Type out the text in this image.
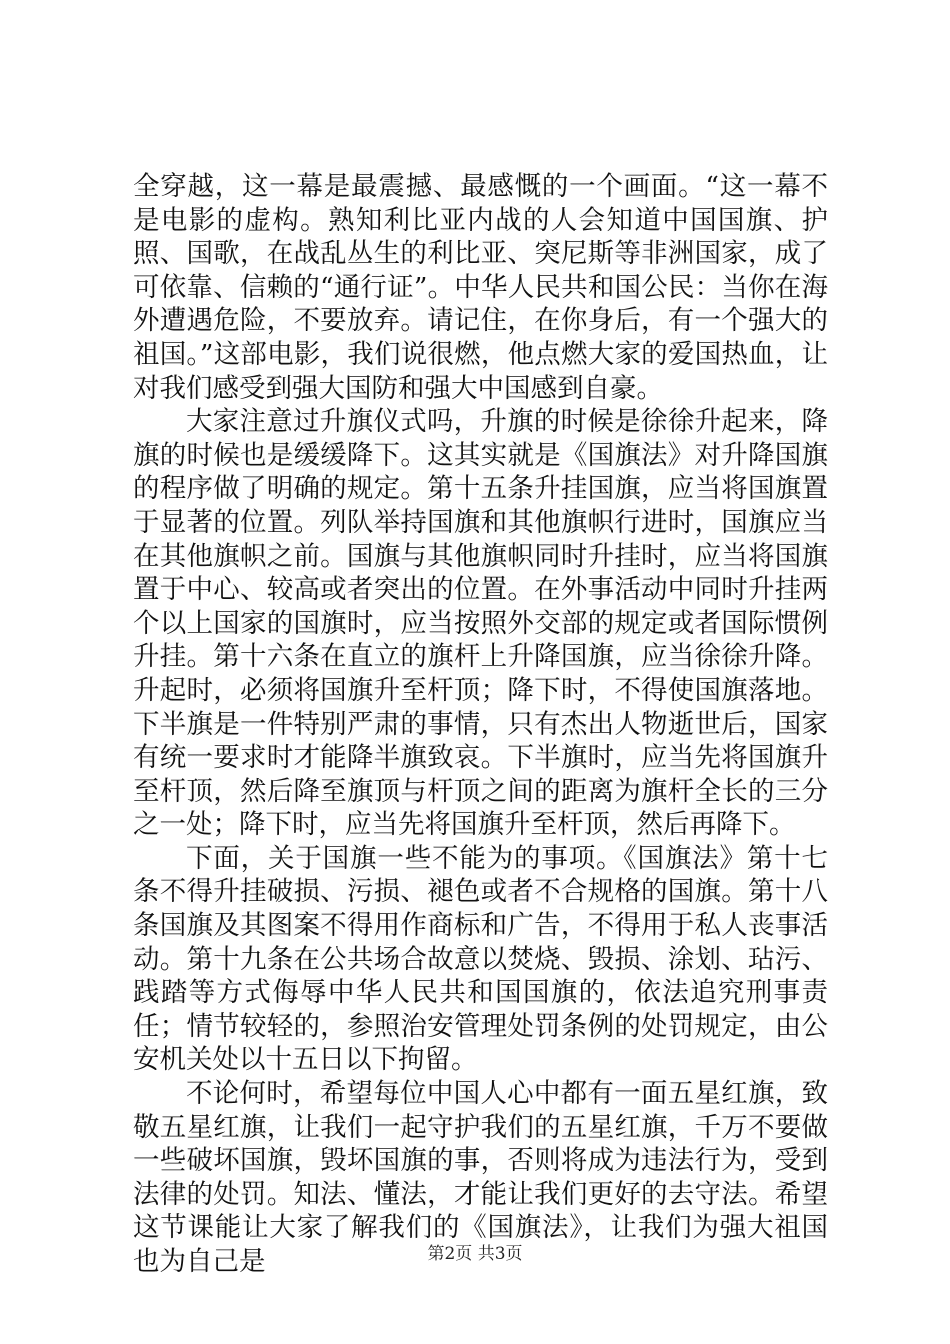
全穿越，这一幕是最震撼、最感慨的一个画面。“这一幕不是电影的虚构。熟知利比亚内战的人会知道中国国旗、护照、国歌，在战乱丛生的利比亚、突尼斯等非洲国家，成了可依靠、信赖的“通行证”。中华人民共和国公民：当你在海外遭遇危险，不要放弃。请记住，在你身后，有一个强大的祖国。”这部电影，我们说很燃，他点燃大家的爱国热血，让对我们感受到强大国防和强大中国感到自豪。

大家注意过升旗仪式吗，升旗的时候是徐徐升起来，降旗的时候也是缓缓降下。这其实就是《国旗法》对升降国旗的程序做了明确的规定。第十五条升挂国旗，应当将国旗置于显著的位置。列队举持国旗和其他旗帜行进时，国旗应当在其他旗帜之前。国旗与其他旗帜同时升挂时，应当将国旗置于中心、较高或者突出的位置。在外事活动中同时升挂两个以上国家的国旗时，应当按照外交部的规定或者国际惯例升挂。第十六条在直立的旗杆上升降国旗，应当徐徐升降。升起时，必须将国旗升至杆顶；降下时，不得使国旗落地。下半旗是一件特别严肃的事情，只有杰出人物逝世后，国家有统一要求时才能降半旗致哀。下半旗时，应当先将国旗升至杆顶，然后降至旗顶与杆顶之间的距离为旗杆全长的三分之一处；降下时，应当先将国旗升至杆顶，然后再降下。

下面，关于国旗一些不能为的事项。《国旗法》第十七条不得升挂破损、污损、褪色或者不合规格的国旗。第十八条国旗及其图案不得用作商标和广告，不得用于私人丧事活动。第十九条在公共场合故意以焚烧、毁损、涂划、玷污、践踏等方式侮辱中华人民共和国国旗的，依法追究刑事责任；情节较轻的，参照治安管理处罚条例的处罚规定，由公安机关处以十五日以下拘留。

不论何时，希望每位中国人心中都有一面五星红旗，致敬五星红旗，让我们一起守护我们的五星红旗，千万不要做一些破坏国旗，毁坏国旗的事，否则将成为违法行为，受到法律的处罚。知法、懂法，才能让我们更好的去守法。希望这节课能让大家了解我们的《国旗法》，让我们为强大祖国也为自己是	第2页 共3页
